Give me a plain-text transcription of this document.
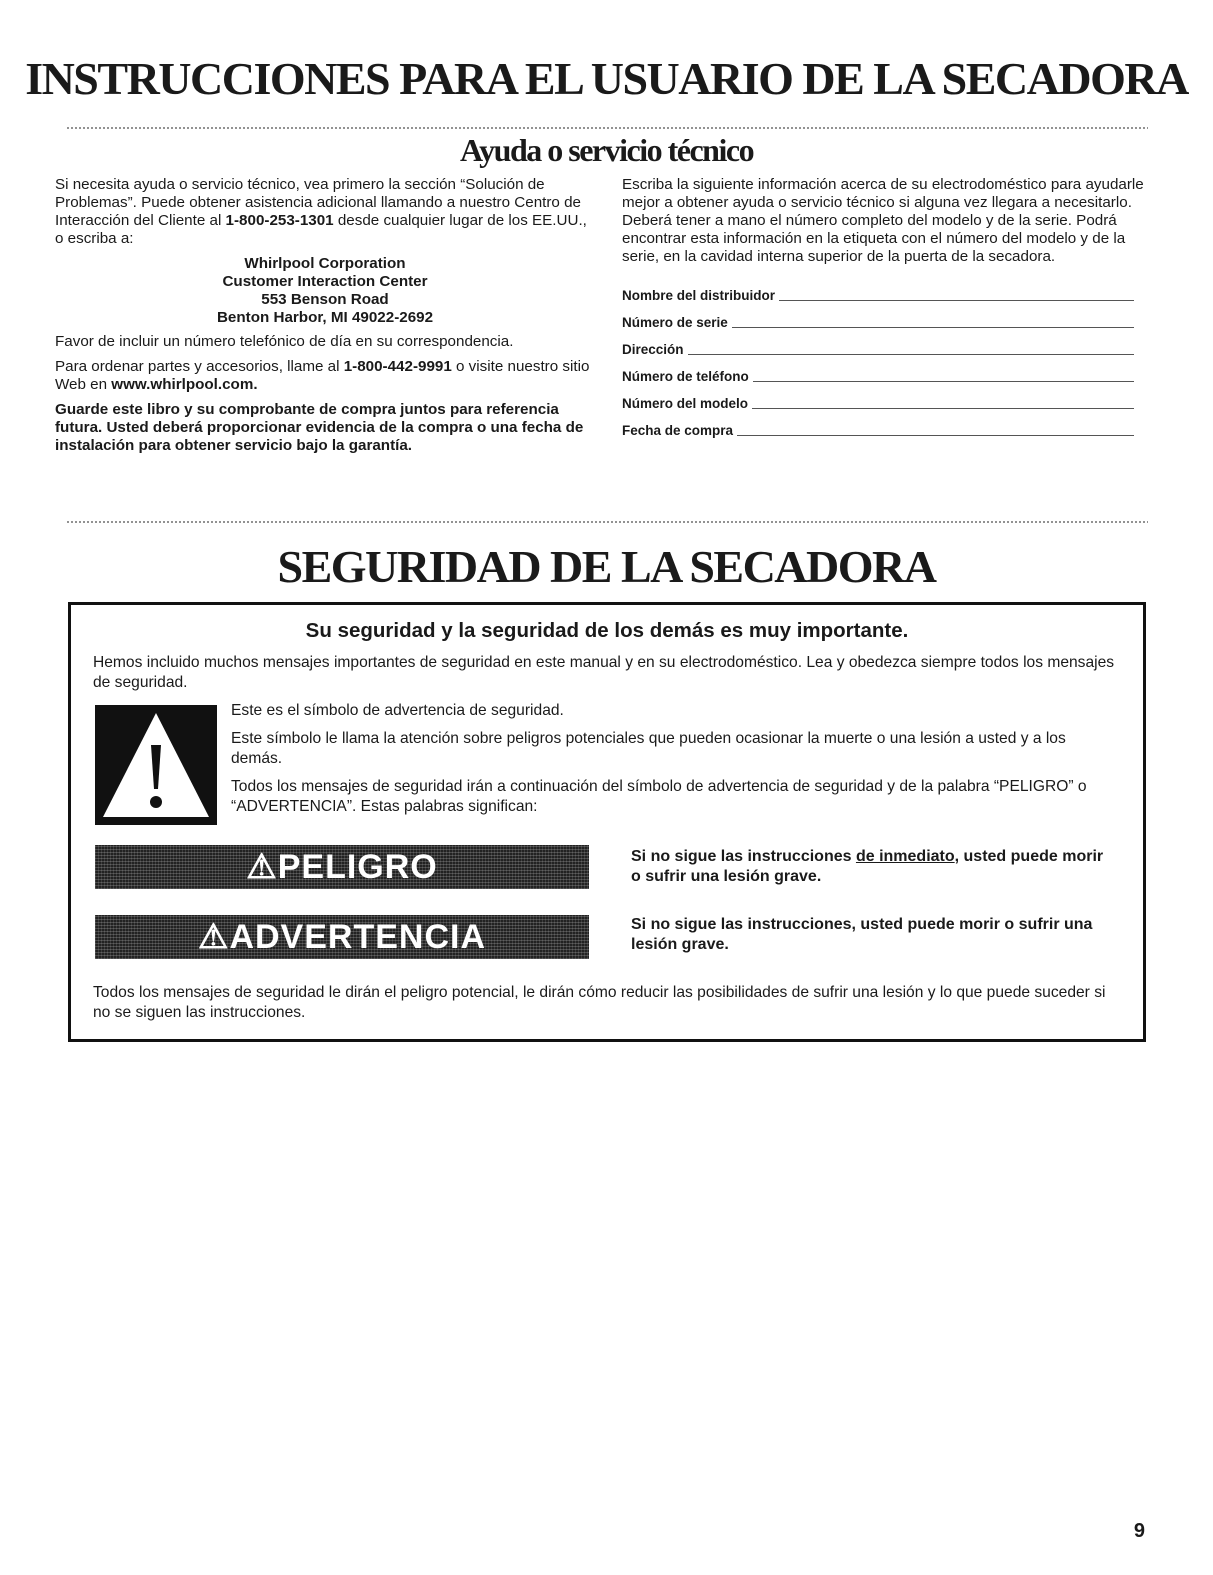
INSTRUCCIONES PARA EL USUARIO DE LA SECADORA
Ayuda o servicio técnico

Si necesita ayuda o servicio técnico, vea primero la sección “Solución de Problemas”. Puede obtener asistencia adicional llamando a nuestro Centro de Interacción del Cliente al 1-800-253-1301 desde cualquier lugar de los EE.UU., o escriba a:

Whirlpool Corporation
Customer Interaction Center
553 Benson Road
Benton Harbor, MI 49022-2692

Favor de incluir un número telefónico de día en su correspondencia.

Para ordenar partes y accesorios, llame al 1-800-442-9991 o visite nuestro sitio Web en www.whirlpool.com.

Guarde este libro y su comprobante de compra juntos para referencia futura. Usted deberá proporcionar evidencia de la compra o una fecha de instalación para obtener servicio bajo la garantía.

Escriba la siguiente información acerca de su electrodoméstico para ayudarle mejor a obtener ayuda o servicio técnico si alguna vez llegara a necesitarlo. Deberá tener a mano el número completo del modelo y de la serie. Podrá encontrar esta información en la etiqueta con el número del modelo y de la serie, en la cavidad interna superior de la puerta de la secadora.

Nombre del distribuidor
Número de serie
Dirección
Número de teléfono
Número del modelo
Fecha de compra
SEGURIDAD DE LA SECADORA
Su seguridad y la seguridad de los demás es muy importante.
Hemos incluido muchos mensajes importantes de seguridad en este manual y en su electrodoméstico. Lea y obedezca siempre todos los mensajes de seguridad.

Este es el símbolo de advertencia de seguridad.

Este símbolo le llama la atención sobre peligros potenciales que pueden ocasionar la muerte o una lesión a usted y a los demás.

Todos los mensajes de seguridad irán a continuación del símbolo de advertencia de seguridad y de la palabra “PELIGRO” o “ADVERTENCIA”. Estas palabras significan:

⚠PELIGRO	Si no sigue las instrucciones de inmediato, usted puede morir o sufrir una lesión grave.
⚠ADVERTENCIA	Si no sigue las instrucciones, usted puede morir o sufrir una lesión grave.
Todos los mensajes de seguridad le dirán el peligro potencial, le dirán cómo reducir las posibilidades de sufrir una lesión y lo que puede suceder si no se siguen las instrucciones.
9
